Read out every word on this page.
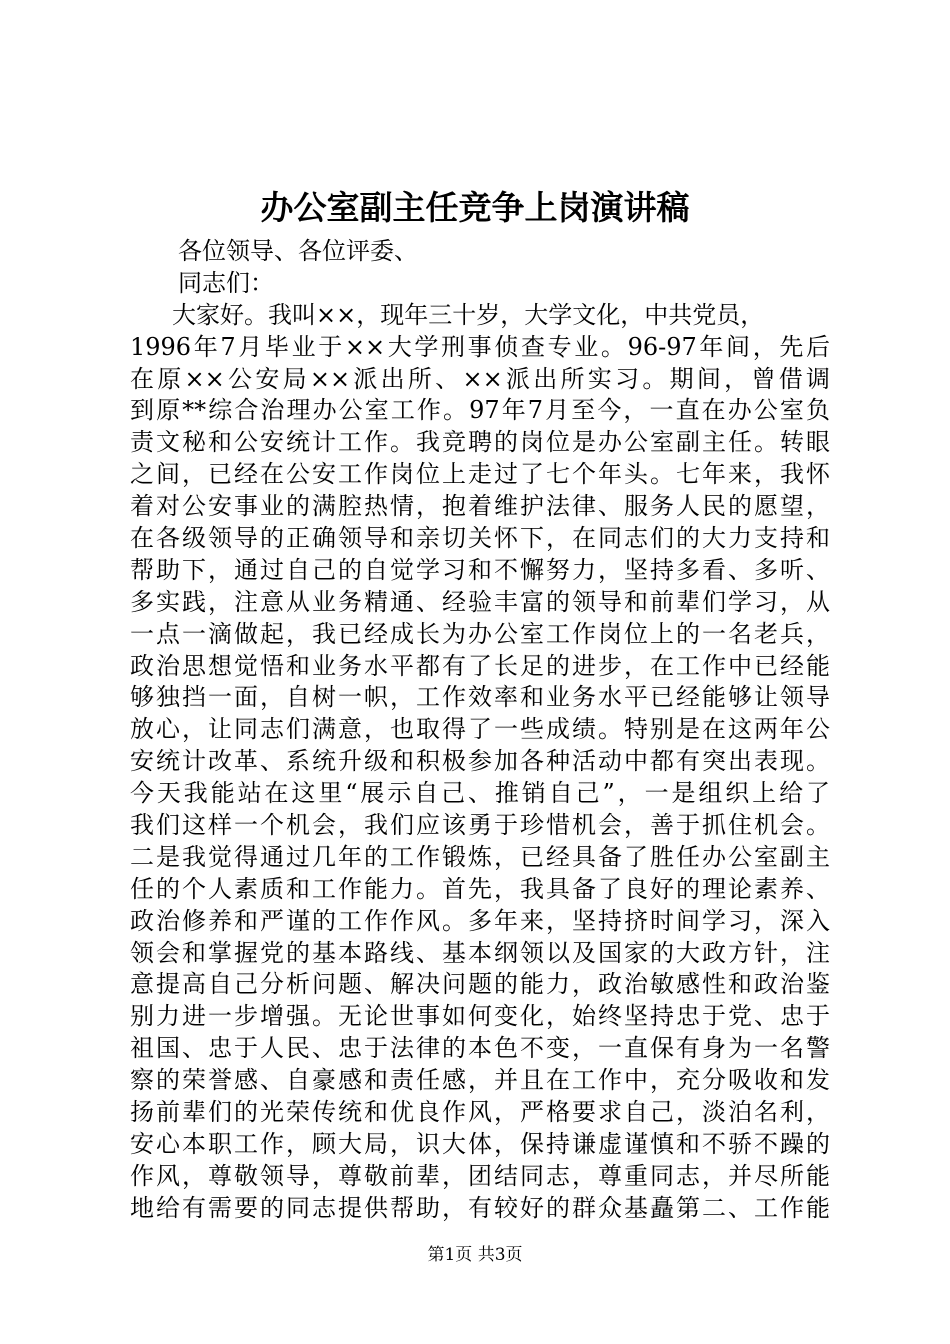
办公室副主任竞争上岗演讲稿
各位领导、各位评委、
同志们：
大家好。我叫××，现年三十岁，大学文化，中共党员，
1996年7月毕业于××大学刑事侦查专业。96-97年间，先后
在原××公安局××派出所、××派出所实习。期间，曾借调
到原**综合治理办公室工作。97年7月至今，一直在办公室负
责文秘和公安统计工作。我竞聘的岗位是办公室副主任。转眼
之间，已经在公安工作岗位上走过了七个年头。七年来，我怀
着对公安事业的满腔热情，抱着维护法律、服务人民的愿望，
在各级领导的正确领导和亲切关怀下，在同志们的大力支持和
帮助下，通过自己的自觉学习和不懈努力，坚持多看、多听、
多实践，注意从业务精通、经验丰富的领导和前辈们学习，从
一点一滴做起，我已经成长为办公室工作岗位上的一名老兵，
政治思想觉悟和业务水平都有了长足的进步，在工作中已经能
够独挡一面，自树一帜，工作效率和业务水平已经能够让领导
放心，让同志们满意，也取得了一些成绩。特别是在这两年公
安统计改革、系统升级和积极参加各种活动中都有突出表现。
今天我能站在这里“展示自己、推销自己”，一是组织上给了
我们这样一个机会，我们应该勇于珍惜机会，善于抓住机会。
二是我觉得通过几年的工作锻炼，已经具备了胜任办公室副主
任的个人素质和工作能力。首先，我具备了良好的理论素养、
政治修养和严谨的工作作风。多年来，坚持挤时间学习，深入
领会和掌握党的基本路线、基本纲领以及国家的大政方针，注
意提高自己分析问题、解决问题的能力，政治敏感性和政治鉴
别力进一步增强。无论世事如何变化，始终坚持忠于党、忠于
祖国、忠于人民、忠于法律的本色不变，一直保有身为一名警
察的荣誉感、自豪感和责任感，并且在工作中，充分吸收和发
扬前辈们的光荣传统和优良作风，严格要求自己，淡泊名利，
安心本职工作，顾大局，识大体，保持谦虚谨慎和不骄不躁的
作风，尊敬领导，尊敬前辈，团结同志，尊重同志，并尽所能
地给有需要的同志提供帮助，有较好的群众基矗第二、工作能
第1页 共3页
